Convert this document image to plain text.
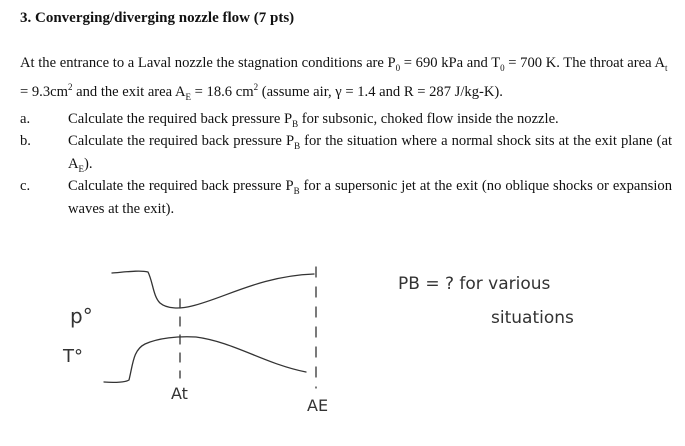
3. Converging/diverging nozzle flow (7 pts)
At the entrance to a Laval nozzle the stagnation conditions are $P_0 = 690$ kPa and $T_0 = 700$ K. The throat area $A_t = 9.3cm^2$ and the exit area $A_E = 18.6$ $cm^2$ (assume air, γ = 1.4 and R = 287 J/kg-K).
a.	Calculate the required back pressure $P_B$ for subsonic, choked flow inside the nozzle.
b.	Calculate the required back pressure $P_B$ for the situation where a normal shock sits at the exit plane (at $A_E$).
c.	Calculate the required back pressure $P_B$ for a supersonic jet at the exit (no oblique shocks or expansion waves at the exit).
p°
T°
At
AE
PB = ? for various
situations
